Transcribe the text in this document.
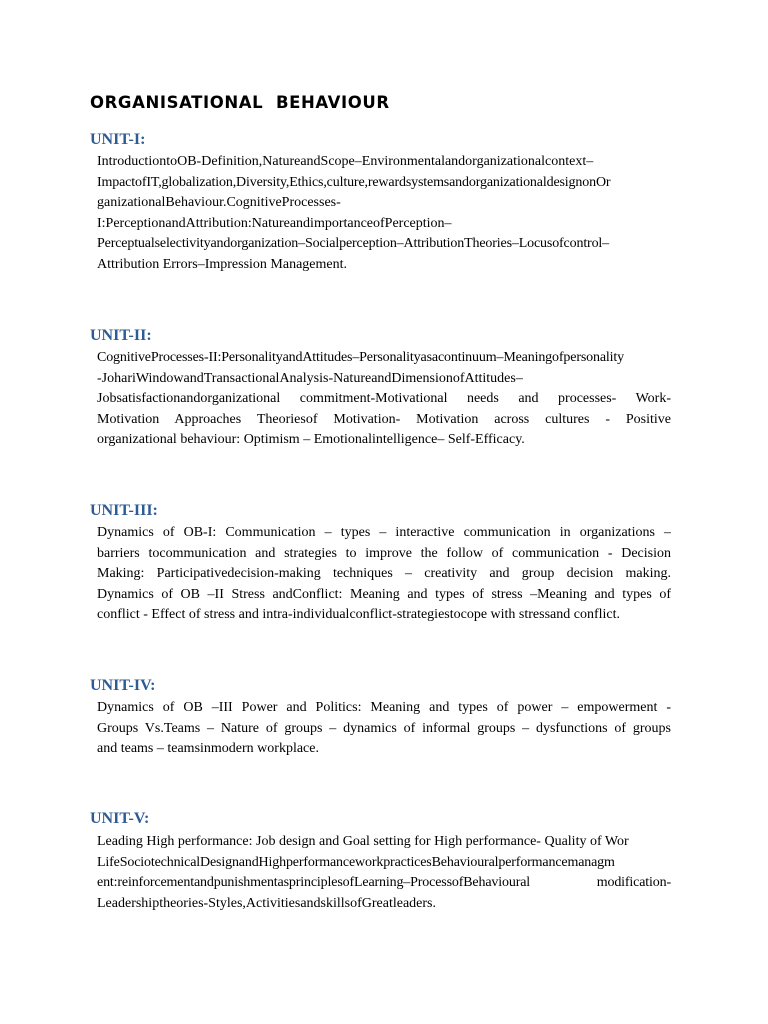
ORGANISATIONAL  BEHAVIOUR
UNIT-I:
IntroductiontoOB-Definition,NatureandScope–Environmentalandorganizationalcontext–
ImpactofIT,globalization,Diversity,Ethics,culture,rewardsystemsandorganizationaldesignonOr
ganizationalBehaviour.CognitiveProcesses-
I:PerceptionandAttribution:NatureandimportanceofPerception–
Perceptualselectivityandorganization–Socialperception–AttributionTheories–Locusofcontrol–
Attribution Errors–Impression Management.
UNIT-II:
CognitiveProcesses-II:PersonalityandAttitudes–Personalityasacontinuum–Meaningofpersonality
-JohariWindowandTransactionalAnalysis-NatureandDimensionofAttitudes–
Jobsatisfactionandorganizational commitment-Motivational needs and processes- Work-
Motivation Approaches Theoriesof Motivation- Motivation across cultures - Positive
organizational behaviour: Optimism – Emotionalintelligence– Self-Efficacy.
UNIT-III:
Dynamics of OB-I: Communication – types – interactive communication in organizations –
barriers tocommunication and strategies to improve the follow of communication - Decision
Making: Participativedecision-making techniques – creativity and group decision making.
Dynamics of OB –II Stress andConflict: Meaning and types of stress –Meaning and types of
conflict - Effect of stress and intra-individualconflict-strategiestocope with stressand conflict.
UNIT-IV:
Dynamics of OB –III Power and Politics: Meaning and types of power – empowerment -
Groups Vs.Teams – Nature of groups – dynamics of informal groups – dysfunctions of groups
and teams – teamsinmodern workplace.
UNIT-V:
Leading High performance: Job design and Goal setting for High performance- Quality of Wor
LifeSociotechnicalDesignandHighperformanceworkpracticesBehaviouralperformancemanagm
ent:reinforcementandpunishmentasprinciplesofLearning–ProcessofBehavioural modification-
Leadershiptheories-Styles,ActivitiesandskillsofGreatleaders.
